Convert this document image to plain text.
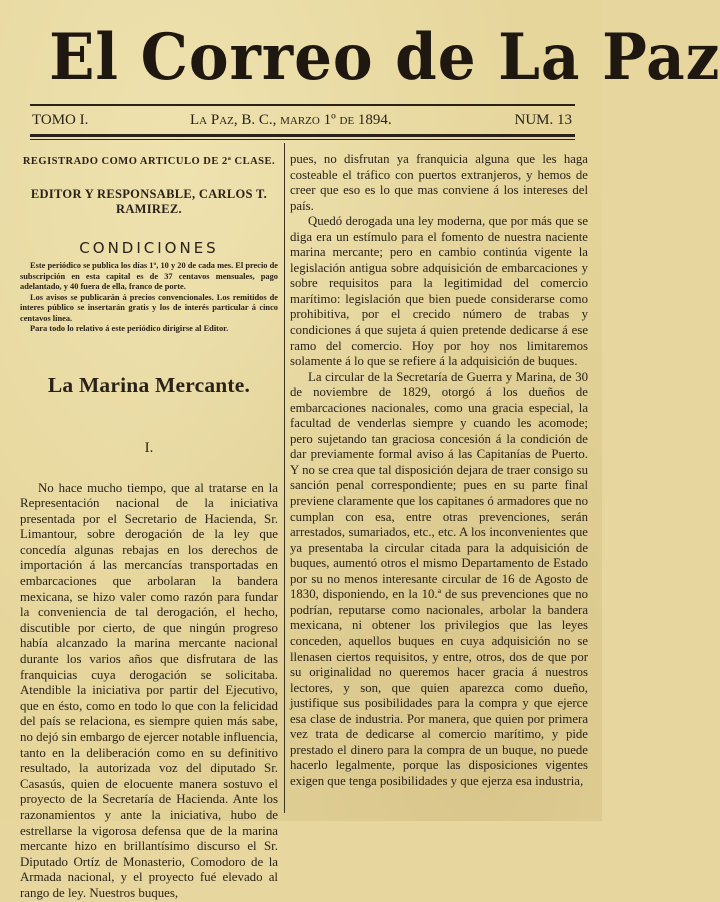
El Correo de La Paz
TOMO I.	La Paz, B. C., marzo 1º de 1894.	NUM. 13
REGISTRADO COMO ARTICULO DE 2ª CLASE.
EDITOR Y RESPONSABLE, CARLOS T. RAMIREZ.
CONDICIONES

Este periódico se publica los días 1º, 10 y 20 de cada mes. El precio de subscripción en esta capital es de 37 centavos mensuales, pago adelantado, y 40 fuera de ella, franco de porte.

Los avisos se publicarán á precios convencionales. Los remitidos de interes público se insertarán gratis y los de interés particular á cinco centavos línea.

Para todo lo relativo á este periódico dirigirse al Editor.

La Marina Mercante.
I.

No hace mucho tiempo, que al tratarse en la Representación nacional de la iniciativa presentada por el Secretario de Hacienda, Sr. Limantour, sobre derogación de la ley que concedía algunas rebajas en los derechos de importación á las mercancías transportadas en embarcaciones que arbolaran la bandera mexicana, se hizo valer como razón para fundar la conveniencia de tal derogación, el hecho, discutible por cierto, de que ningún progreso había alcanzado la marina mercante nacional durante los varios años que disfrutara de las franquicias cuya derogación se solicitaba. Atendible la iniciativa por partir del Ejecutivo, que en ésto, como en todo lo que con la felicidad del país se relaciona, es siempre quien más sabe, no dejó sin embargo de ejercer notable influencia, tanto en la deliberación como en su definitivo resultado, la autorizada voz del diputado Sr. Casasús, quien de elocuente manera sostuvo el proyecto de la Secretaría de Hacienda. Ante los razonamientos y ante la iniciativa, hubo de estrellarse la vigorosa defensa que de la marina mercante hizo en brillantísimo discurso el Sr. Diputado Ortíz de Monasterio, Comodoro de la Armada nacional, y el proyecto fué elevado al rango de ley. Nuestros buques,

pues, no disfrutan ya franquicia alguna que les haga costeable el tráfico con puertos extranjeros, y hemos de creer que eso es lo que mas conviene á los intereses del país.

Quedó derogada una ley moderna, que por más que se diga era un estímulo para el fomento de nuestra naciente marina mercante; pero en cambio continúa vigente la legislación antigua sobre adquisición de embarcaciones y sobre requisitos para la legitimidad del comercio marítimo: legislación que bien puede considerarse como prohibitiva, por el crecido número de trabas y condiciones á que sujeta á quien pretende dedicarse á ese ramo del comercio. Hoy por hoy nos limitaremos solamente á lo que se refiere á la adquisición de buques.

La circular de la Secretaría de Guerra y Marina, de 30 de noviembre de 1829, otorgó á los dueños de embarcaciones nacionales, como una gracia especial, la facultad de venderlas siempre y cuando les acomode; pero sujetando tan graciosa concesión á la condición de dar previamente formal aviso á las Capitanías de Puerto. Y no se crea que tal disposición dejara de traer consigo su sanción penal correspondiente; pues en su parte final previene claramente que los capitanes ó armadores que no cumplan con esa, entre otras prevenciones, serán arrestados, sumariados, etc., etc. A los inconvenientes que ya presentaba la circular citada para la adquisición de buques, aumentó otros el mismo Departamento de Estado por su no menos interesante circular de 16 de Agosto de 1830, disponiendo, en la 10.ª de sus prevenciones que no podrían, reputarse como nacionales, arbolar la bandera mexicana, ni obtener los privilegios que las leyes conceden, aquellos buques en cuya adquisición no se llenasen ciertos requisitos, y entre, otros, dos de que por su originalidad no queremos hacer gracia á nuestros lectores, y son, que quien aparezca como dueño, justifique sus posibilidades para la compra y que ejerce esa clase de industria. Por manera, que quien por primera vez trata de dedicarse al comercio marítimo, y pide prestado el dinero para la compra de un buque, no puede hacerlo legalmente, porque las disposiciones vigentes exigen que tenga posibilidades y que ejerza esa industria,
